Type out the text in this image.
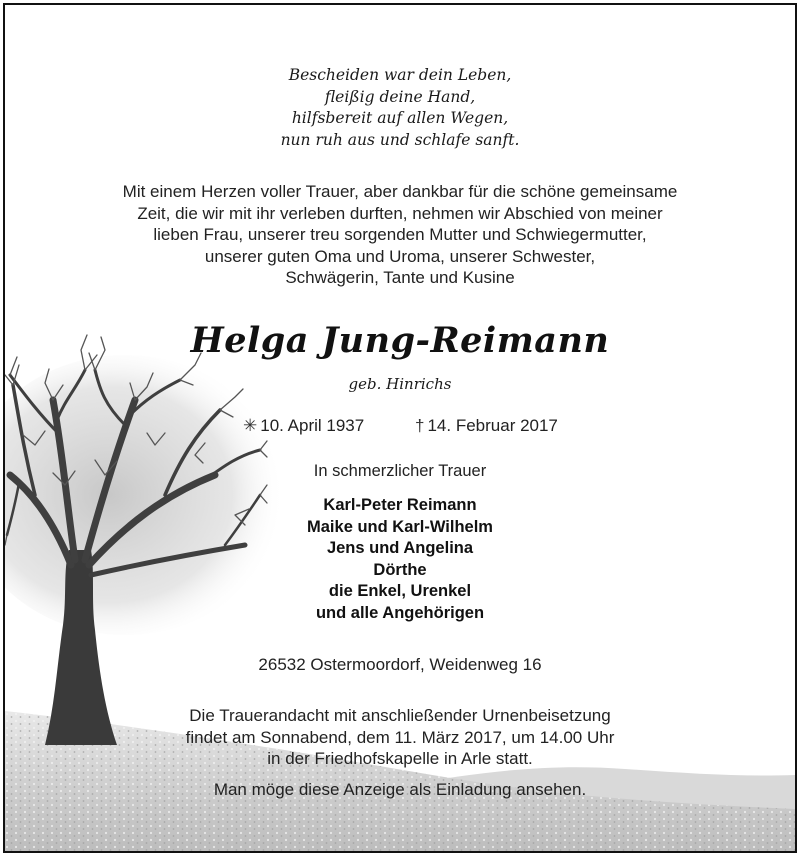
Bescheiden war dein Leben,
fleißig deine Hand,
hilfsbereit auf allen Wegen,
nun ruh aus und schlafe sanft.
Mit einem Herzen voller Trauer, aber dankbar für die schöne gemeinsame
Zeit, die wir mit ihr verleben durften, nehmen wir Abschied von meiner
lieben Frau, unserer treu sorgenden Mutter und Schwiegermutter,
unserer guten Oma und Uroma, unserer Schwester,
Schwägerin, Tante und Kusine
Helga Jung-Reimann
geb. Hinrichs
✳ 10. April 1937	† 14. Februar 2017
In schmerzlicher Trauer
Karl-Peter Reimann
Maike und Karl-Wilhelm
Jens und Angelina
Dörthe
die Enkel, Urenkel
und alle Angehörigen
26532 Ostermoordorf, Weidenweg 16
Die Trauerandacht mit anschließender Urnenbeisetzung
findet am Sonnabend, dem 11. März 2017, um 14.00 Uhr
in der Friedhofskapelle in Arle statt.
Man möge diese Anzeige als Einladung ansehen.
